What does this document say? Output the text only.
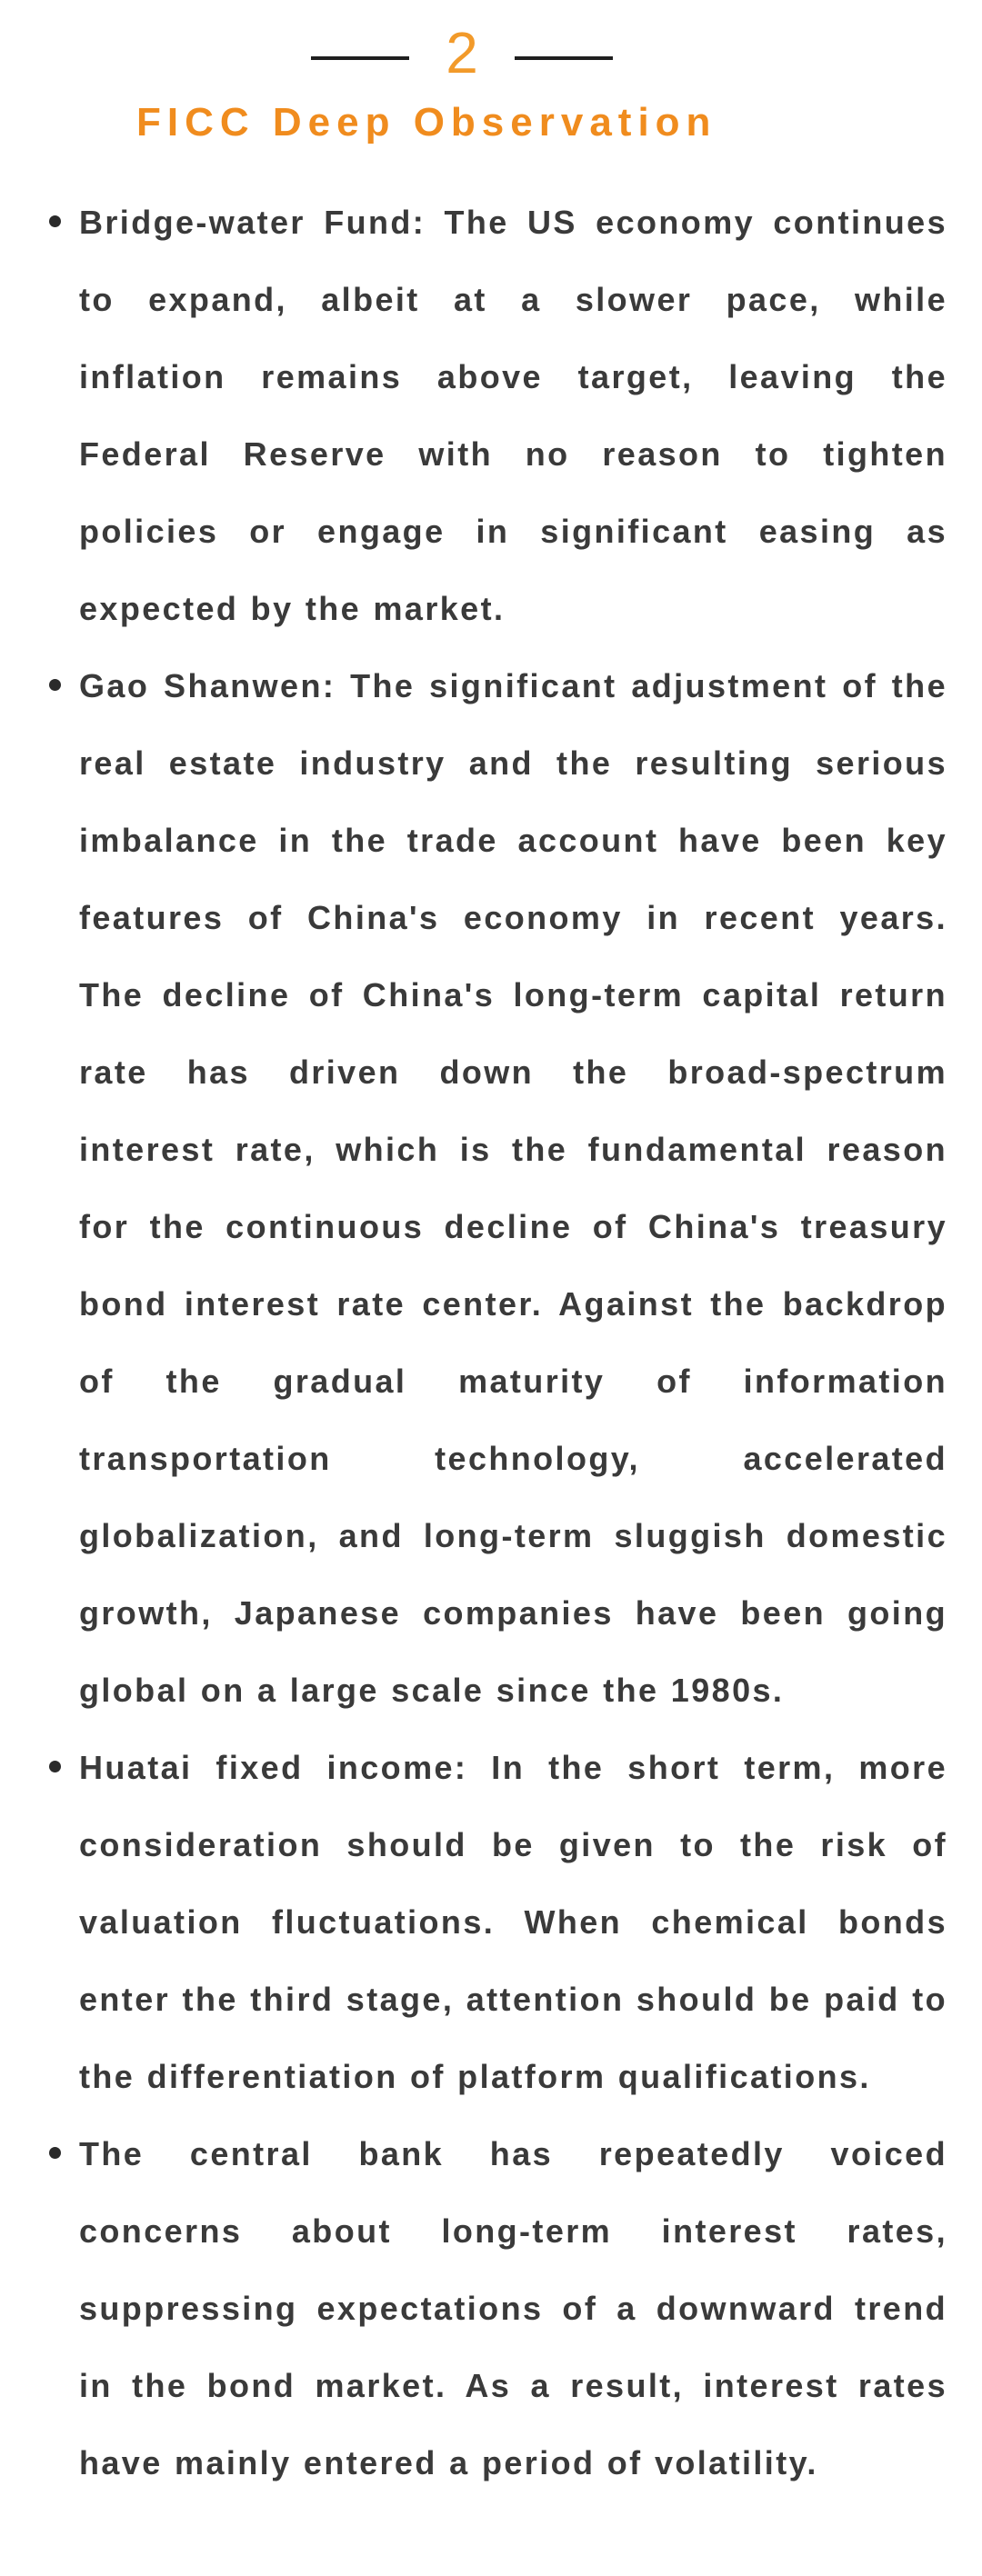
2
FICC Deep Observation
Bridge-water Fund: The US economy continues to expand, albeit at a slower pace, while inflation remains above target, leaving the Federal Reserve with no reason to tighten policies or engage in significant easing as expected by the market.
Gao Shanwen: The significant adjustment of the real estate industry and the resulting serious imbalance in the trade account have been key features of China's economy in recent years. The decline of China's long-term capital return rate has driven down the broad-spectrum interest rate, which is the fundamental reason for the continuous decline of China's treasury bond interest rate center. Against the backdrop of the gradual maturity of information transportation technology, accelerated globalization, and long-term sluggish domestic growth, Japanese companies have been going global on a large scale since the 1980s.
Huatai fixed income: In the short term, more consideration should be given to the risk of valuation fluctuations. When chemical bonds enter the third stage, attention should be paid to the differentiation of platform qualifications.
The central bank has repeatedly voiced concerns about long-term interest rates, suppressing expectations of a downward trend in the bond market. As a result, interest rates have mainly entered a period of volatility.
